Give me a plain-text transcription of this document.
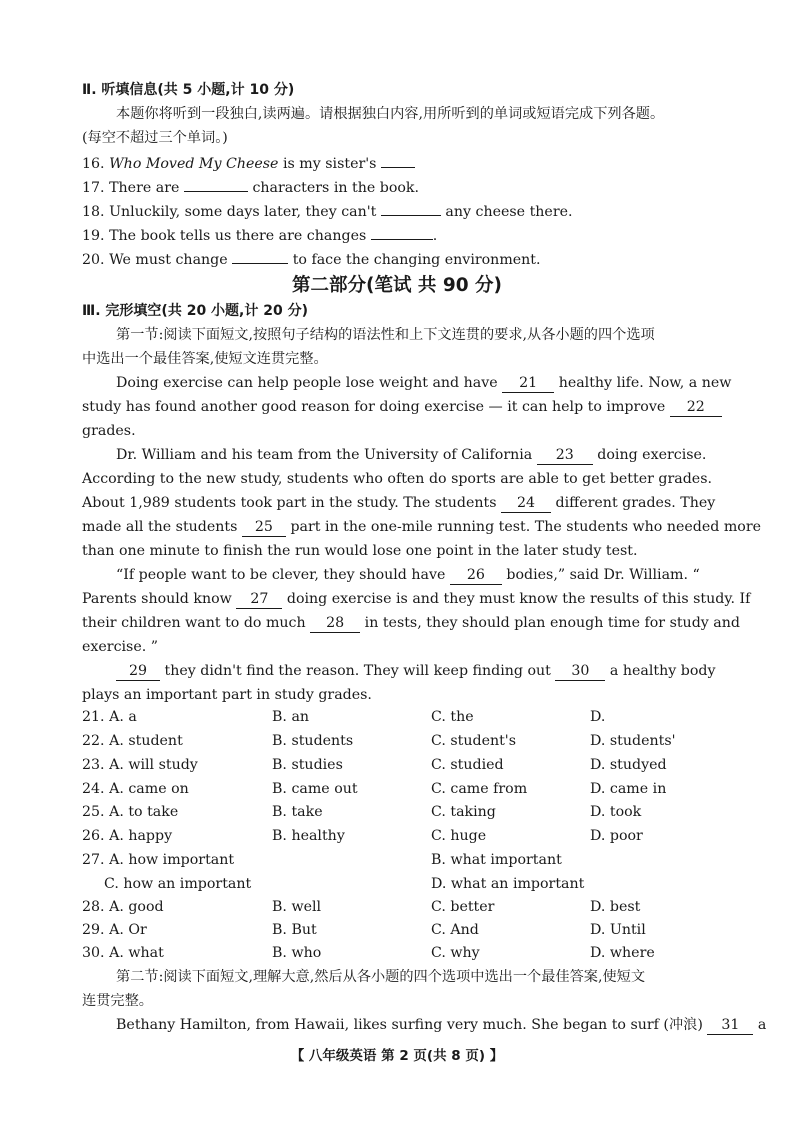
Ⅱ. 听填信息(共 5 小题,计 10 分)
本题你将听到一段独白,读两遍。请根据独白内容,用所听到的单词或短语完成下列各题。
(每空不超过三个单词。)
16. Who Moved My Cheese is my sister's
17. There are	characters in the book.
18. Unluckily, some days later, they can't	any cheese there.
19. The book tells us there are changes	.
20. We must change	to face the changing environment.
第二部分(笔试 共 90 分)
Ⅲ. 完形填空(共 20 小题,计 20 分)
第一节:阅读下面短文,按照句子结构的语法性和上下文连贯的要求,从各小题的四个选项
中选出一个最佳答案,使短文连贯完整。
Doing exercise can help people lose weight and have 21 healthy life. Now, a new
study has found another good reason for doing exercise — it can help to improve 22
grades.
Dr. William and his team from the University of California 23 doing exercise.
According to the new study, students who often do sports are able to get better grades.
About 1,989 students took part in the study. The students 24 different grades. They
made all the students 25 part in the one-mile running test. The students who needed more
than one minute to finish the run would lose one point in the later study test.
“If people want to be clever, they should have 26 bodies,” said Dr. William. “
Parents should know 27 doing exercise is and they must know the results of this study. If
their children want to do much 28 in tests, they should plan enough time for study and
exercise. ”
29 they didn't find the reason. They will keep finding out 30 a healthy body
plays an important part in study grades.
21. A. a	B. an	C. the	D.
22. A. student	B. students	C. student's	D. students'
23. A. will study	B. studies	C. studied	D. studyed
24. A. came on	B. came out	C. came from	D. came in
25. A. to take	B. take	C. taking	D. took
26. A. happy	B. healthy	C. huge	D. poor
27. A. how important	B. what important
C. how an important	D. what an important
28. A. good	B. well	C. better	D. best
29. A. Or	B. But	C. And	D. Until
30. A. what	B. who	C. why	D. where
第二节:阅读下面短文,理解大意,然后从各小题的四个选项中选出一个最佳答案,使短文
连贯完整。
Bethany Hamilton, from Hawaii, likes surfing very much. She began to surf (冲浪) 31 a
【 八年级英语 第 2 页(共 8 页) 】
